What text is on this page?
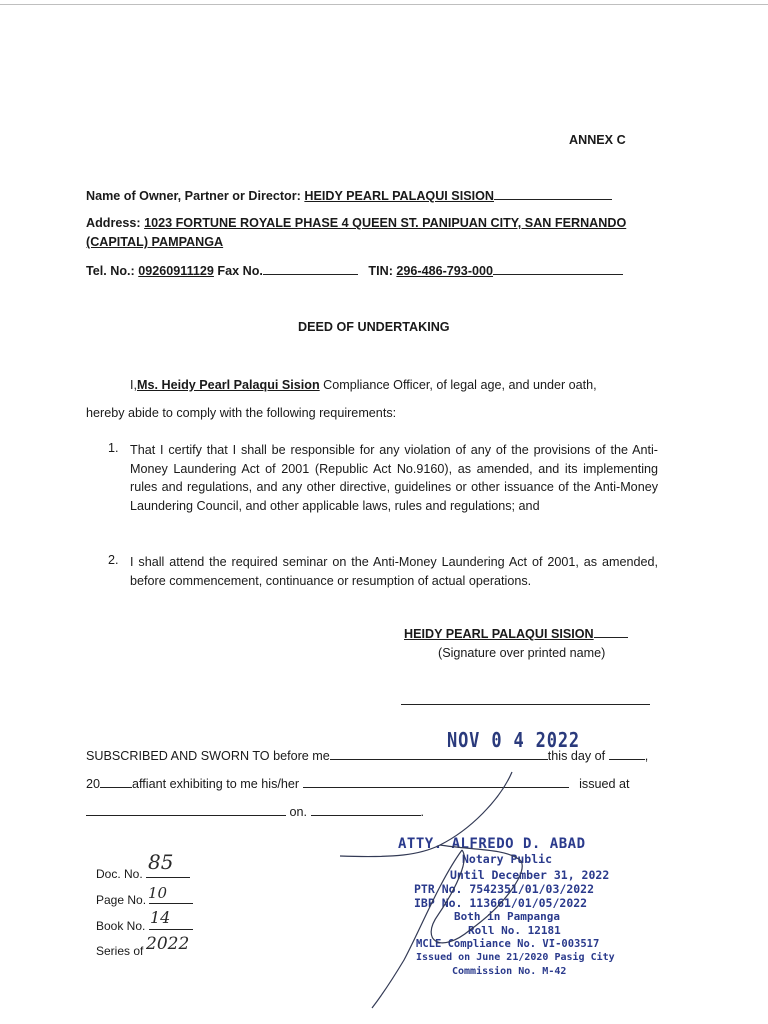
ANNEX C
Name of Owner, Partner or Director: HEIDY PEARL PALAQUI SISION
Address: 1023 FORTUNE ROYALE PHASE 4 QUEEN ST. PANIPUAN CITY, SAN FERNANDO
(CAPITAL) PAMPANGA
Tel. No.: 09260911129 Fax No.	TIN: 296-486-793-000
DEED OF UNDERTAKING
I,Ms. Heidy Pearl Palaqui Sision Compliance Officer, of legal age, and under oath,
hereby abide to comply with the following requirements:
1. That I certify that I shall be responsible for any violation of any of the provisions of the Anti-Money Laundering Act of 2001 (Republic Act No.9160), as amended, and its implementing rules and regulations, and any other directive, guidelines or other issuance of the Anti-Money Laundering Council, and other applicable laws, rules and regulations; and
2. I shall attend the required seminar on the Anti-Money Laundering Act of 2001, as amended, before commencement, continuance or resumption of actual operations.
HEIDY PEARL PALAQUI SISION
(Signature over printed name)
SUBSCRIBED AND SWORN TO before me	this day of	,
NOV 0 4 2022
20	affiant exhibiting to me his/her	issued at
on.	.
Doc. No. 85
Page No. 10
Book No. 14
Series of 2022
ATTY. ALFREDO D. ABAD
Notary Public
Until December 31, 2022
PTR No. 7542351/01/03/2022
IBP No. 113661/01/05/2022
Both in Pampanga
Roll No. 12181
MCLE Compliance No. VI-003517
Issued on June 21/2020 Pasig City
Commission No. M-42
